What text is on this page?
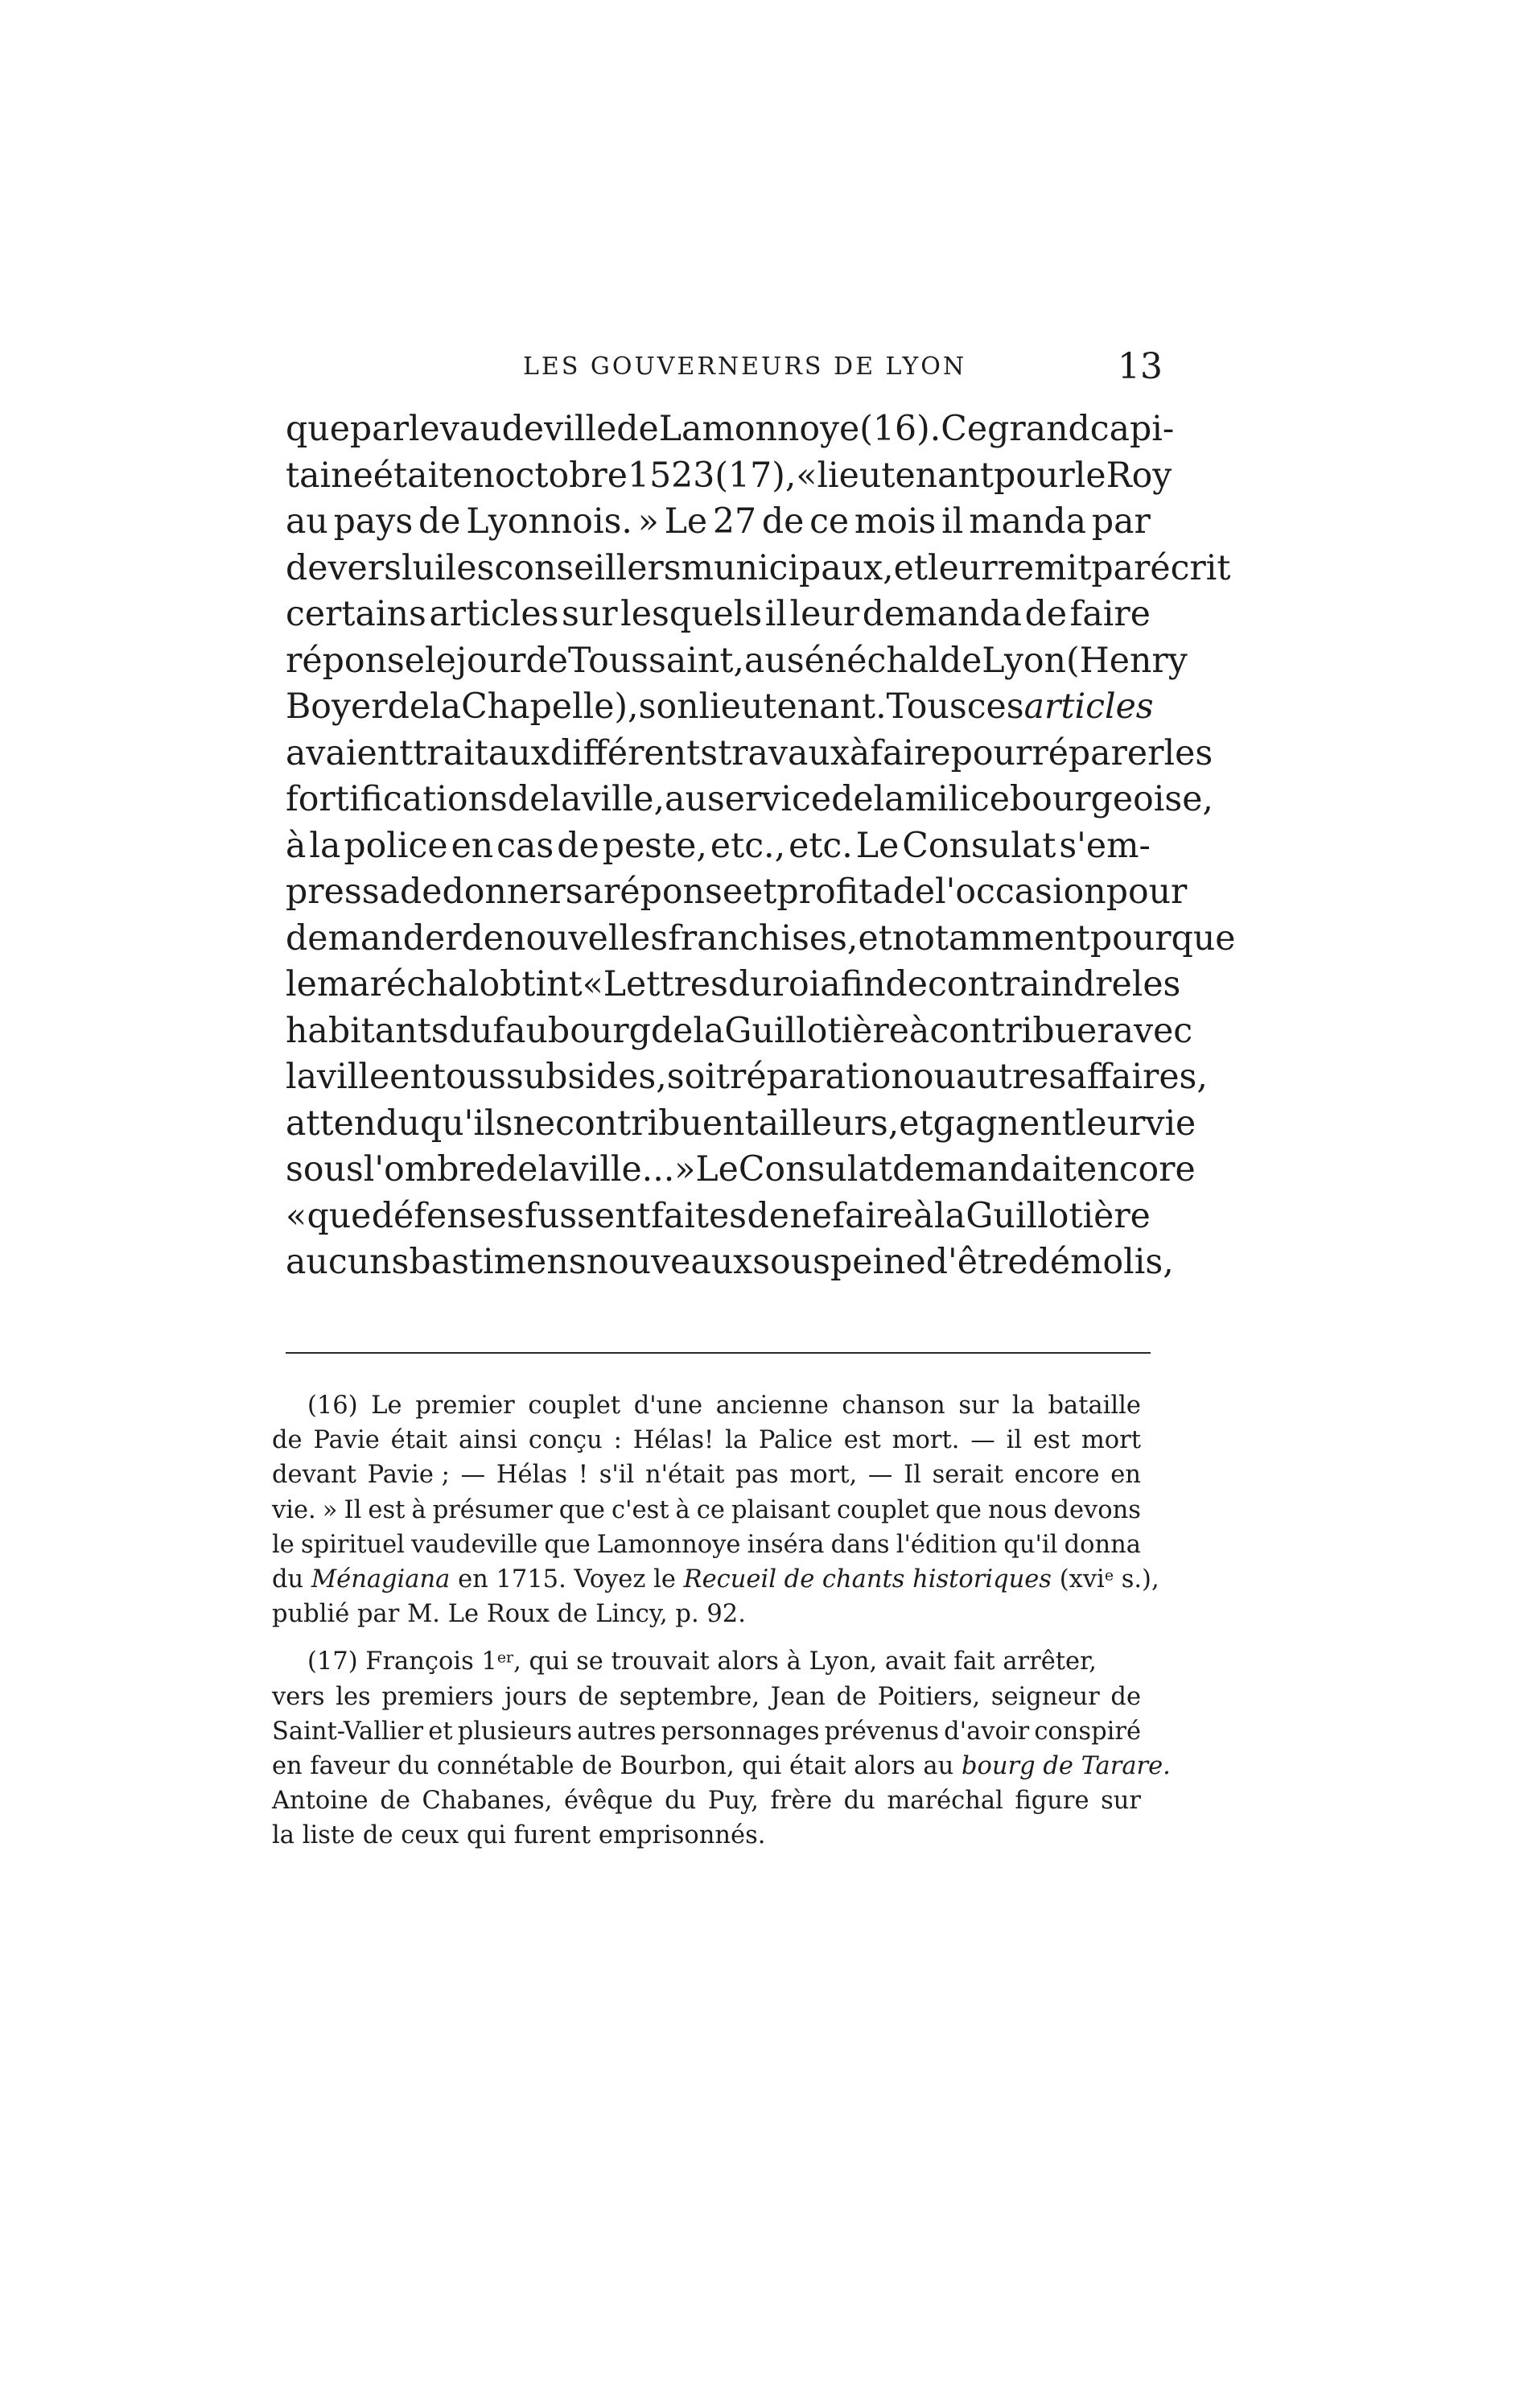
LES GOUVERNEURS DE LYON	13
que par le vaudeville de Lamonnoye (16). Ce grand capi-
taine était en octobre 1523 (17), « lieutenant pour le Roy
au pays de Lyonnois. » Le 27 de ce mois il manda par
devers lui les conseillers municipaux, et leur remit par écrit
certains articles sur lesquels il leur demanda de faire
réponse le jour de Toussaint, au sénéchal de Lyon (Henry
Boyer de la Chapelle), son lieutenant. Tous ces articles
avaient trait aux différents travaux à faire pour réparer les
fortifications de la ville, au service de la milice bourgeoise,
à la police en cas de peste, etc., etc. Le Consulat s'em-
pressa de donner sa réponse et profita de l'occasion pour
demander de nouvelles franchises, et notamment pour que
le maréchal obtint « Lettres du roi afin de contraindre les
habitants du faubourg de la Guillotière à contribuer avec
la ville en tous subsides, soit réparation ou autres affaires,
attendu qu'ils ne contribuent ailleurs, et gagnent leur vie
sous l'ombre de la ville... » Le Consulat demandait encore
« que défenses fussent faites de ne faire à la Guillotière
aucuns bastimens nouveaux sous peine d'être démolis,
(16) Le premier couplet d'une ancienne chanson sur la bataille
de Pavie était ainsi conçu : Hélas! la Palice est mort. — il est mort
devant Pavie ; — Hélas ! s'il n'était pas mort, — Il serait encore en
vie. » Il est à présumer que c'est à ce plaisant couplet que nous devons
le spirituel vaudeville que Lamonnoye inséra dans l'édition qu'il donna
du Ménagiana en 1715. Voyez le Recueil de chants historiques (xvi$^e$ s.),
publié par M. Le Roux de Lincy, p. 92.
(17) François 1er, qui se trouvait alors à Lyon, avait fait arrêter,
vers les premiers jours de septembre, Jean de Poitiers, seigneur de
Saint-Vallier et plusieurs autres personnages prévenus d'avoir conspiré
en faveur du connétable de Bourbon, qui était alors au bourg de Tarare.
Antoine de Chabanes, évêque du Puy, frère du maréchal figure sur
la liste de ceux qui furent emprisonnés.
